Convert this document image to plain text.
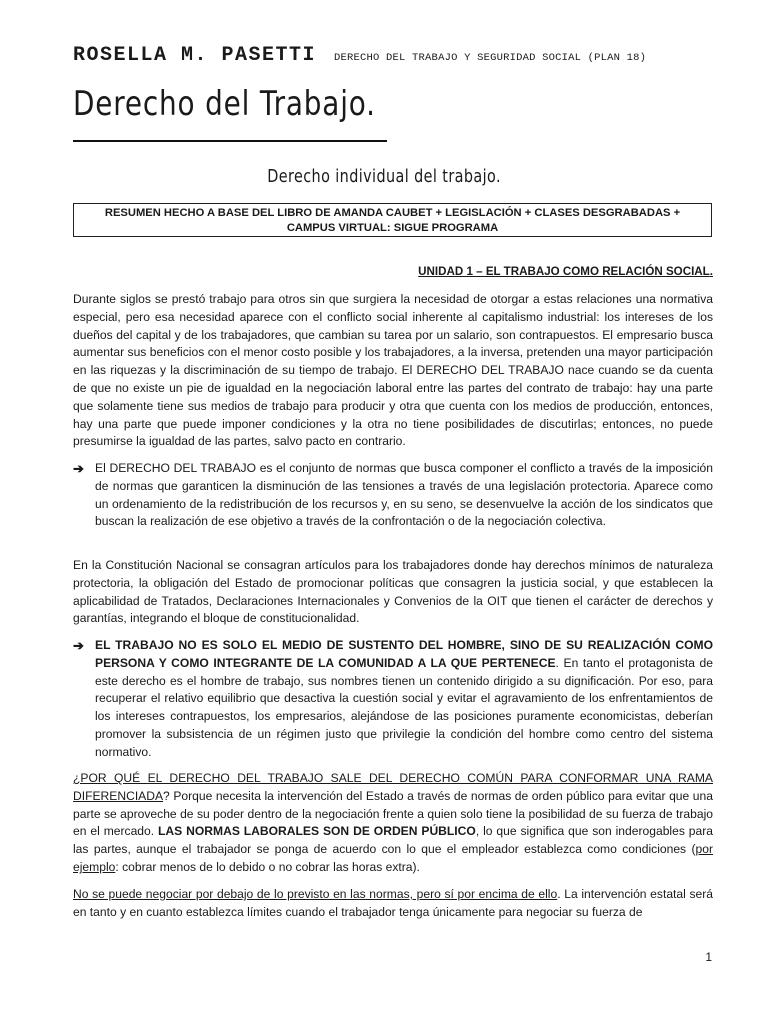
ROSELLA M. PASETTI DERECHO DEL TRABAJO Y SEGURIDAD SOCIAL (PLAN 18)
Derecho del Trabajo.
Derecho individual del trabajo.
RESUMEN HECHO A BASE DEL LIBRO DE AMANDA CAUBET + LEGISLACIÓN + CLASES DESGRABADAS +
CAMPUS VIRTUAL: SIGUE PROGRAMA
UNIDAD 1 – EL TRABAJO COMO RELACIÓN SOCIAL.
Durante siglos se prestó trabajo para otros sin que surgiera la necesidad de otorgar a estas relaciones una normativa especial, pero esa necesidad aparece con el conflicto social inherente al capitalismo industrial: los intereses de los dueños del capital y de los trabajadores, que cambian su tarea por un salario, son contrapuestos. El empresario busca aumentar sus beneficios con el menor costo posible y los trabajadores, a la inversa, pretenden una mayor participación en las riquezas y la discriminación de su tiempo de trabajo. El DERECHO DEL TRABAJO nace cuando se da cuenta de que no existe un pie de igualdad en la negociación laboral entre las partes del contrato de trabajo: hay una parte que solamente tiene sus medios de trabajo para producir y otra que cuenta con los medios de producción, entonces, hay una parte que puede imponer condiciones y la otra no tiene posibilidades de discutirlas; entonces, no puede presumirse la igualdad de las partes, salvo pacto en contrario.
➔ El DERECHO DEL TRABAJO es el conjunto de normas que busca componer el conflicto a través de la imposición de normas que garanticen la disminución de las tensiones a través de una legislación protectoria. Aparece como un ordenamiento de la redistribución de los recursos y, en su seno, se desenvuelve la acción de los sindicatos que buscan la realización de ese objetivo a través de la confrontación o de la negociación colectiva.
En la Constitución Nacional se consagran artículos para los trabajadores donde hay derechos mínimos de naturaleza protectoria, la obligación del Estado de promocionar políticas que consagren la justicia social, y que establecen la aplicabilidad de Tratados, Declaraciones Internacionales y Convenios de la OIT que tienen el carácter de derechos y garantías, integrando el bloque de constitucionalidad.
➔ EL TRABAJO NO ES SOLO EL MEDIO DE SUSTENTO DEL HOMBRE, SINO DE SU REALIZACIÓN COMO PERSONA Y COMO INTEGRANTE DE LA COMUNIDAD A LA QUE PERTENECE. En tanto el protagonista de este derecho es el hombre de trabajo, sus nombres tienen un contenido dirigido a su dignificación. Por eso, para recuperar el relativo equilibrio que desactiva la cuestión social y evitar el agravamiento de los enfrentamientos de los intereses contrapuestos, los empresarios, alejándose de las posiciones puramente economicistas, deberían promover la subsistencia de un régimen justo que privilegie la condición del hombre como centro del sistema normativo.
¿POR QUÉ EL DERECHO DEL TRABAJO SALE DEL DERECHO COMÚN PARA CONFORMAR UNA RAMA DIFERENCIADA? Porque necesita la intervención del Estado a través de normas de orden público para evitar que una parte se aproveche de su poder dentro de la negociación frente a quien solo tiene la posibilidad de su fuerza de trabajo en el mercado. LAS NORMAS LABORALES SON DE ORDEN PÚBLICO, lo que significa que son inderogables para las partes, aunque el trabajador se ponga de acuerdo con lo que el empleador establezca como condiciones (por ejemplo: cobrar menos de lo debido o no cobrar las horas extra).
No se puede negociar por debajo de lo previsto en las normas, pero sí por encima de ello. La intervención estatal será en tanto y en cuanto establezca límites cuando el trabajador tenga únicamente para negociar su fuerza de
1
